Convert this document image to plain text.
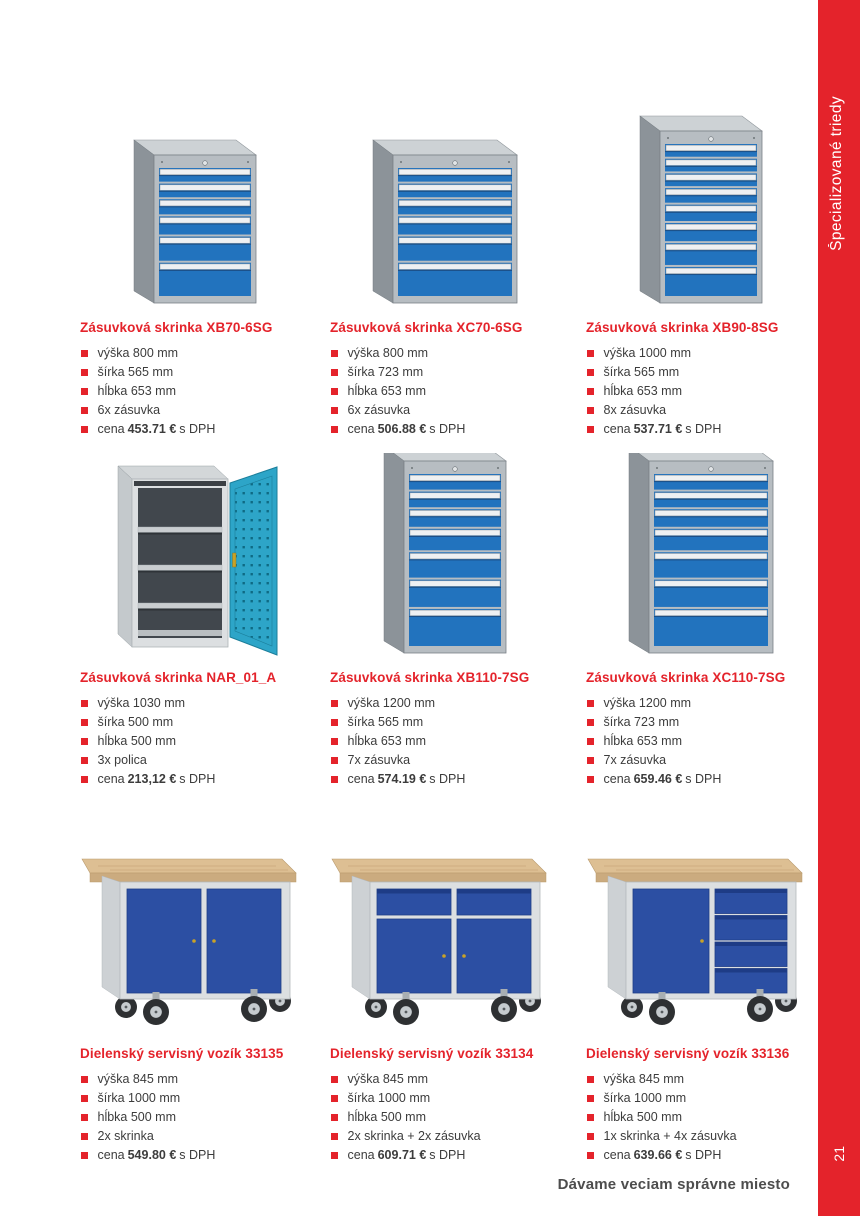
Zásuvková skrinka XB70-6SG
výška 800 mm
šírka 565 mm
hĺbka 653 mm
6x zásuvka
cena 453.71 € s DPH
Zásuvková skrinka XC70-6SG
výška 800 mm
šírka 723 mm
hĺbka 653 mm
6x zásuvka
cena 506.88 € s DPH
Zásuvková skrinka XB90-8SG
výška 1000 mm
šírka 565 mm
hĺbka 653 mm
8x zásuvka
cena 537.71 € s DPH
Zásuvková skrinka NAR_01_A
výška 1030 mm
šírka 500 mm
hĺbka 500 mm
3x polica
cena 213,12 € s DPH
Zásuvková skrinka XB110-7SG
výška 1200 mm
šírka 565 mm
hĺbka 653 mm
7x zásuvka
cena 574.19 € s DPH
Zásuvková skrinka XC110-7SG
výška 1200 mm
šírka 723 mm
hĺbka 653 mm
7x zásuvka
cena 659.46 € s DPH
Dielenský servisný vozík 33135
výška 845 mm
šírka 1000 mm
hĺbka 500 mm
2x skrinka
cena 549.80 € s DPH
Dielenský servisný vozík 33134
výška 845 mm
šírka 1000 mm
hĺbka 500 mm
2x skrinka + 2x zásuvka
cena 609.71 € s DPH
Dielenský servisný vozík 33136
výška 845 mm
šírka 1000 mm
hĺbka 500 mm
1x skrinka + 4x zásuvka
cena 639.66 € s DPH
Špecializované triedy
21
Dávame veciam správne miesto
